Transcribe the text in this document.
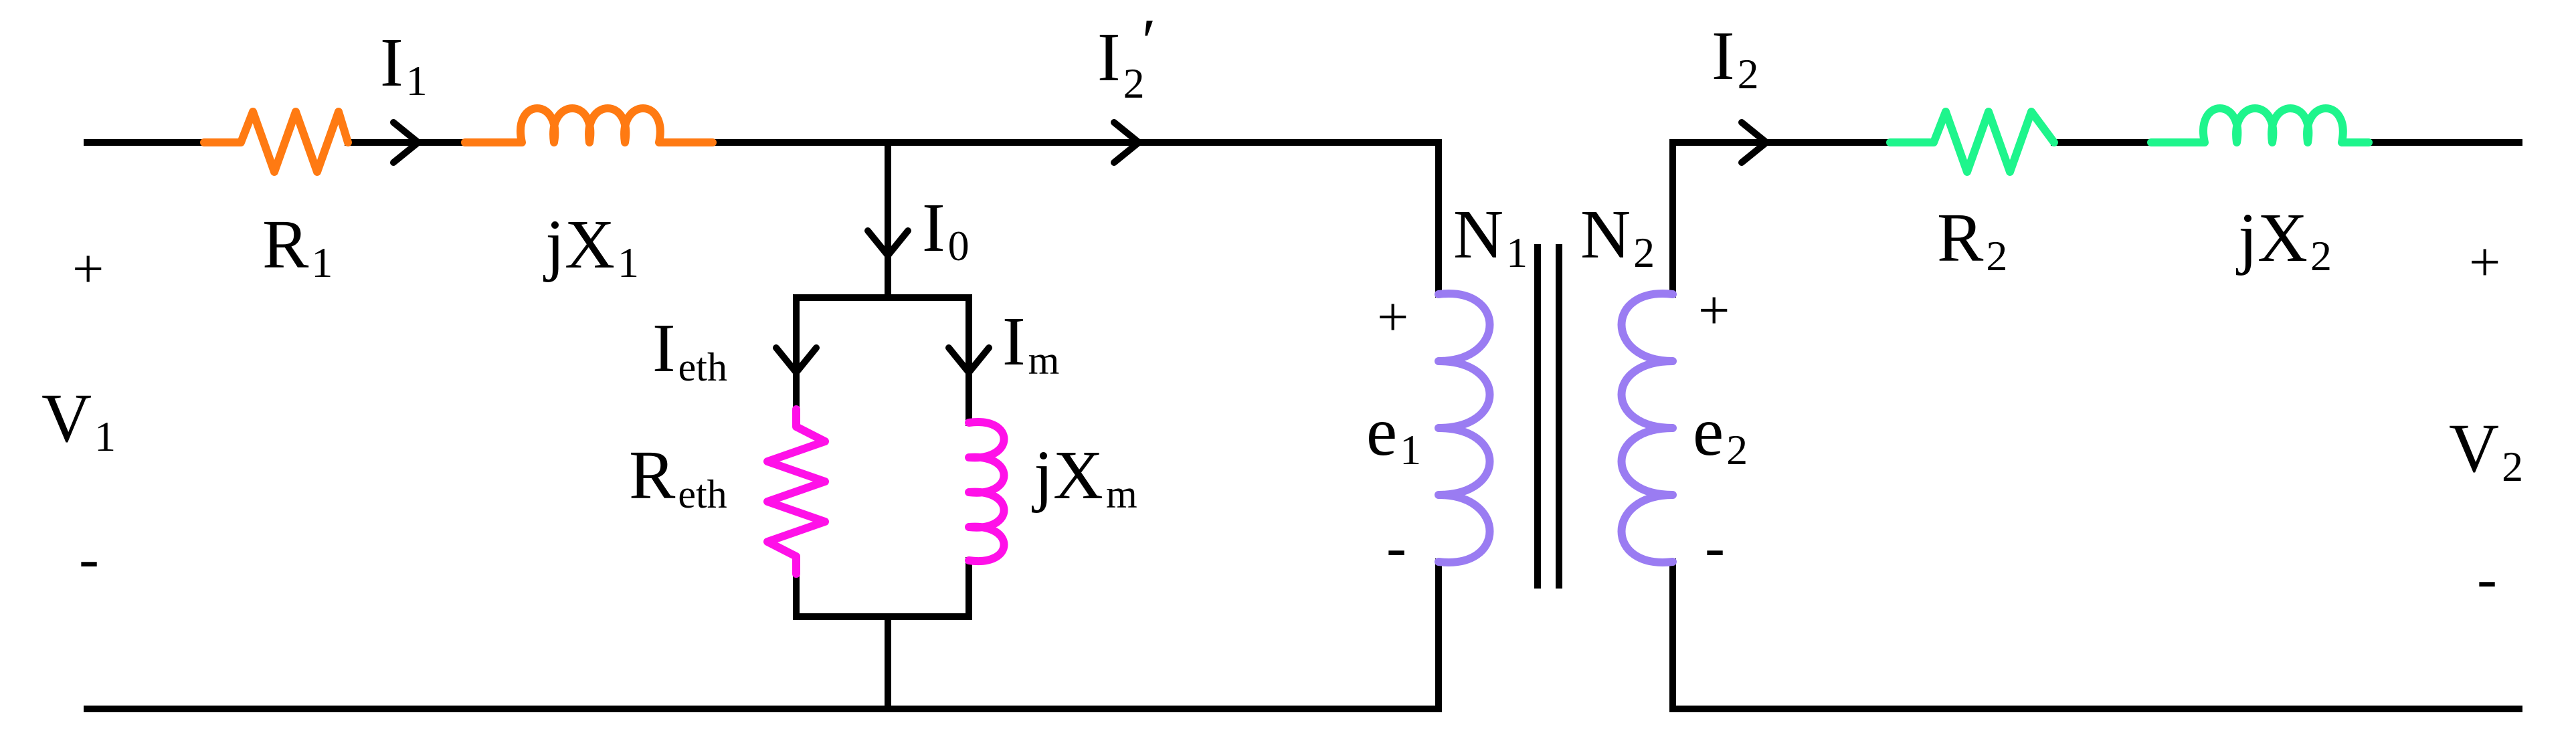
I1
R1	jX1
$I_2'$
I0
Ieth	Im
Reth	jXm
+
V1
-
N1 N2
+
e1
-
+
e2
-
I2
R2	jX2 +
V2
-
